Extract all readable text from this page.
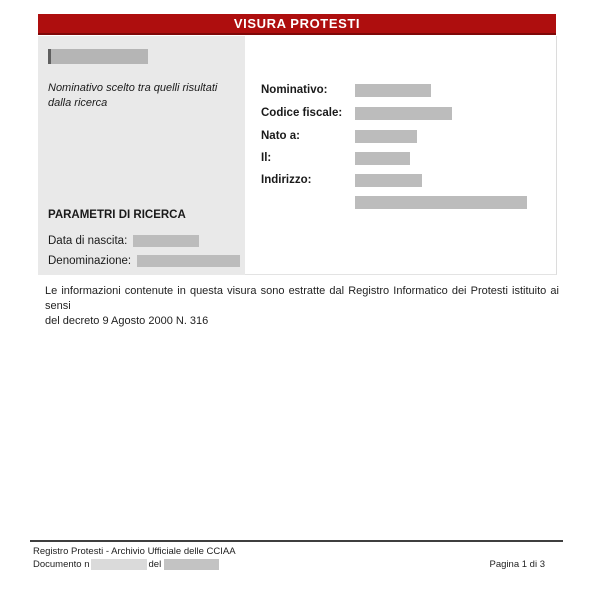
VISURA PROTESTI
Nominativo scelto tra quelli risultati dalla ricerca
PARAMETRI DI RICERCA
Data di nascita:
Denominazione:
Nominativo:
Codice fiscale:
Nato a:
Il:
Indirizzo:
Le informazioni contenute in questa visura sono estratte dal Registro Informatico dei Protesti istituito ai sensi
del decreto 9 Agosto 2000 N. 316
Registro Protesti - Archivio Ufficiale delle CCIAA
Documento n	del	Pagina 1 di 3
